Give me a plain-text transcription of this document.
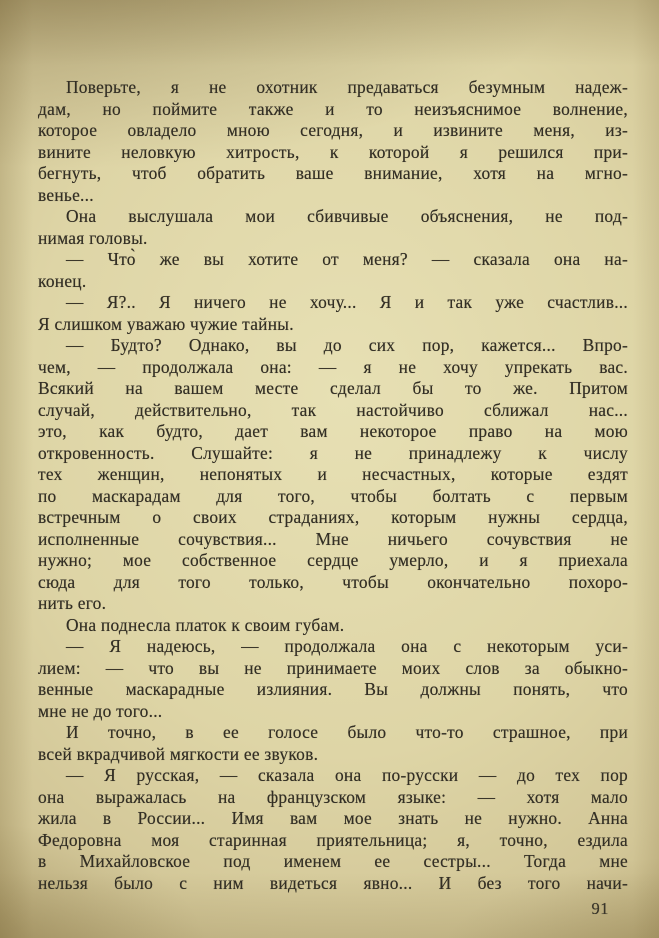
Поверьте, я не охотник предаваться безумным надеж-
дам, но поймите также и то неизъяснимое волнение,
которое овладело мною сегодня, и извините меня, из-
вините неловкую хитрость, к которой я решился при-
бегнуть, чтоб обратить ваше внимание, хотя на мгно-
венье...
Она выслушала мои сбивчивые объяснения, не под-
нимая головы.
— Что̀ же вы хотите от меня? — сказала она на-
конец.
— Я?.. Я ничего не хочу... Я и так уже счастлив...
Я слишком уважаю чужие тайны.
— Будто? Однако, вы до сих пор, кажется... Впро-
чем, — продолжала она: — я не хочу упрекать вас.
Всякий на вашем месте сделал бы то же. Притом
случай, действительно, так настойчиво сближал нас...
это, как будто, дает вам некоторое право на мою
откровенность. Слушайте: я не принадлежу к числу
тех женщин, непонятых и несчастных, которые ездят
по маскарадам для того, чтобы болтать с первым
встречным о своих страданиях, которым нужны сердца,
исполненные сочувствия... Мне ничьего сочувствия не
нужно; мое собственное сердце умерло, и я приехала
сюда для того только, чтобы окончательно похоро-
нить его.
Она поднесла платок к своим губам.
— Я надеюсь, — продолжала она с некоторым уси-
лием: — что вы не принимаете моих слов за обыкно-
венные маскарадные излияния. Вы должны понять, что
мне не до того...
И точно, в ее голосе было что-то страшное, при
всей вкрадчивой мягкости ее звуков.
— Я русская, — сказала она по-русски — до тех пор
она выражалась на французском языке: — хотя мало
жила в России... Имя вам мое знать не нужно. Анна
Федоровна моя старинная приятельница; я, точно, ездила
в Михайловское под именем ее сестры... Тогда мне
нельзя было с ним видеться явно... И без того начи-
91
